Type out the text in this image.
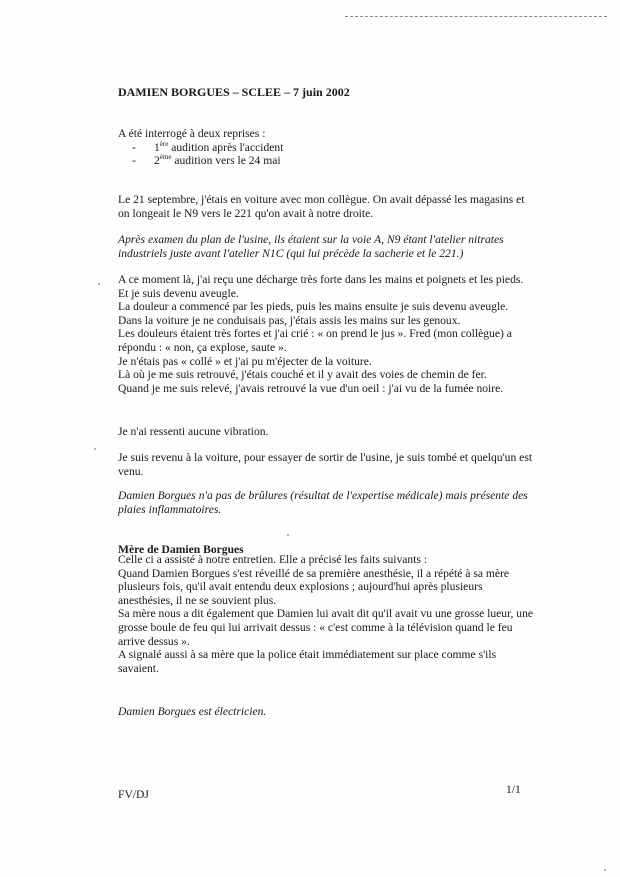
DAMIEN BORGUES – SCLEE – 7 juin 2002

A été interrogé à deux reprises :
- 1ère audition après l'accident
- 2ème audition vers le 24 mai

Le 21 septembre, j'étais en voiture avec mon collègue. On avait dépassé les magasins et on longeait le N9 vers le 221 qu'on avait à notre droite.

Après examen du plan de l'usine, ils étaient sur la voie A, N9 étant l'atelier nitrates industriels juste avant l'atelier N1C (qui lui précède la sacherie et le 221.)

A ce moment là, j'ai reçu une décharge très forte dans les mains et poignets et les pieds.
Et je suis devenu aveugle.
La douleur a commencé par les pieds, puis les mains ensuite je suis devenu aveugle.
Dans la voiture je ne conduisais pas, j'étais assis les mains sur les genoux.
Les douleurs étaient très fortes et j'ai crié : « on prend le jus ». Fred (mon collègue) a répondu : « non, ça explose, saute ».
Je n'étais pas « collé » et j'ai pu m'éjecter de la voiture.
Là où je me suis retrouvé, j'étais couché et il y avait des voies de chemin de fer.
Quand je me suis relevé, j'avais retrouvé la vue d'un oeil : j'ai vu de la fumée noire.

Je n'ai ressenti aucune vibration.

Je suis revenu à la voiture, pour essayer de sortir de l'usine, je suis tombé et quelqu'un est venu.

Damien Borgues n'a pas de brûlures (résultat de l'expertise médicale) mais présente des plaies inflammatoires.

Mère de Damien Borgues

Celle ci a assisté à notre entretien. Elle a précisé les faits suivants :
Quand Damien Borgues s'est réveillé de sa première anesthésie, il a répété à sa mère plusieurs fois, qu'il avait entendu deux explosions ; aujourd'hui après plusieurs anesthésies, il ne se souvient plus.
Sa mère nous a dit également que Damien lui avait dit qu'il avait vu une grosse lueur, une grosse boule de feu qui lui arrivait dessus : « c'est comme à la télévision quand le feu arrive dessus ».
A signalé aussi à sa mère que la police était immédiatement sur place comme s'ils savaient.

Damien Borgues est électricien.

FV/DJ	1/1
